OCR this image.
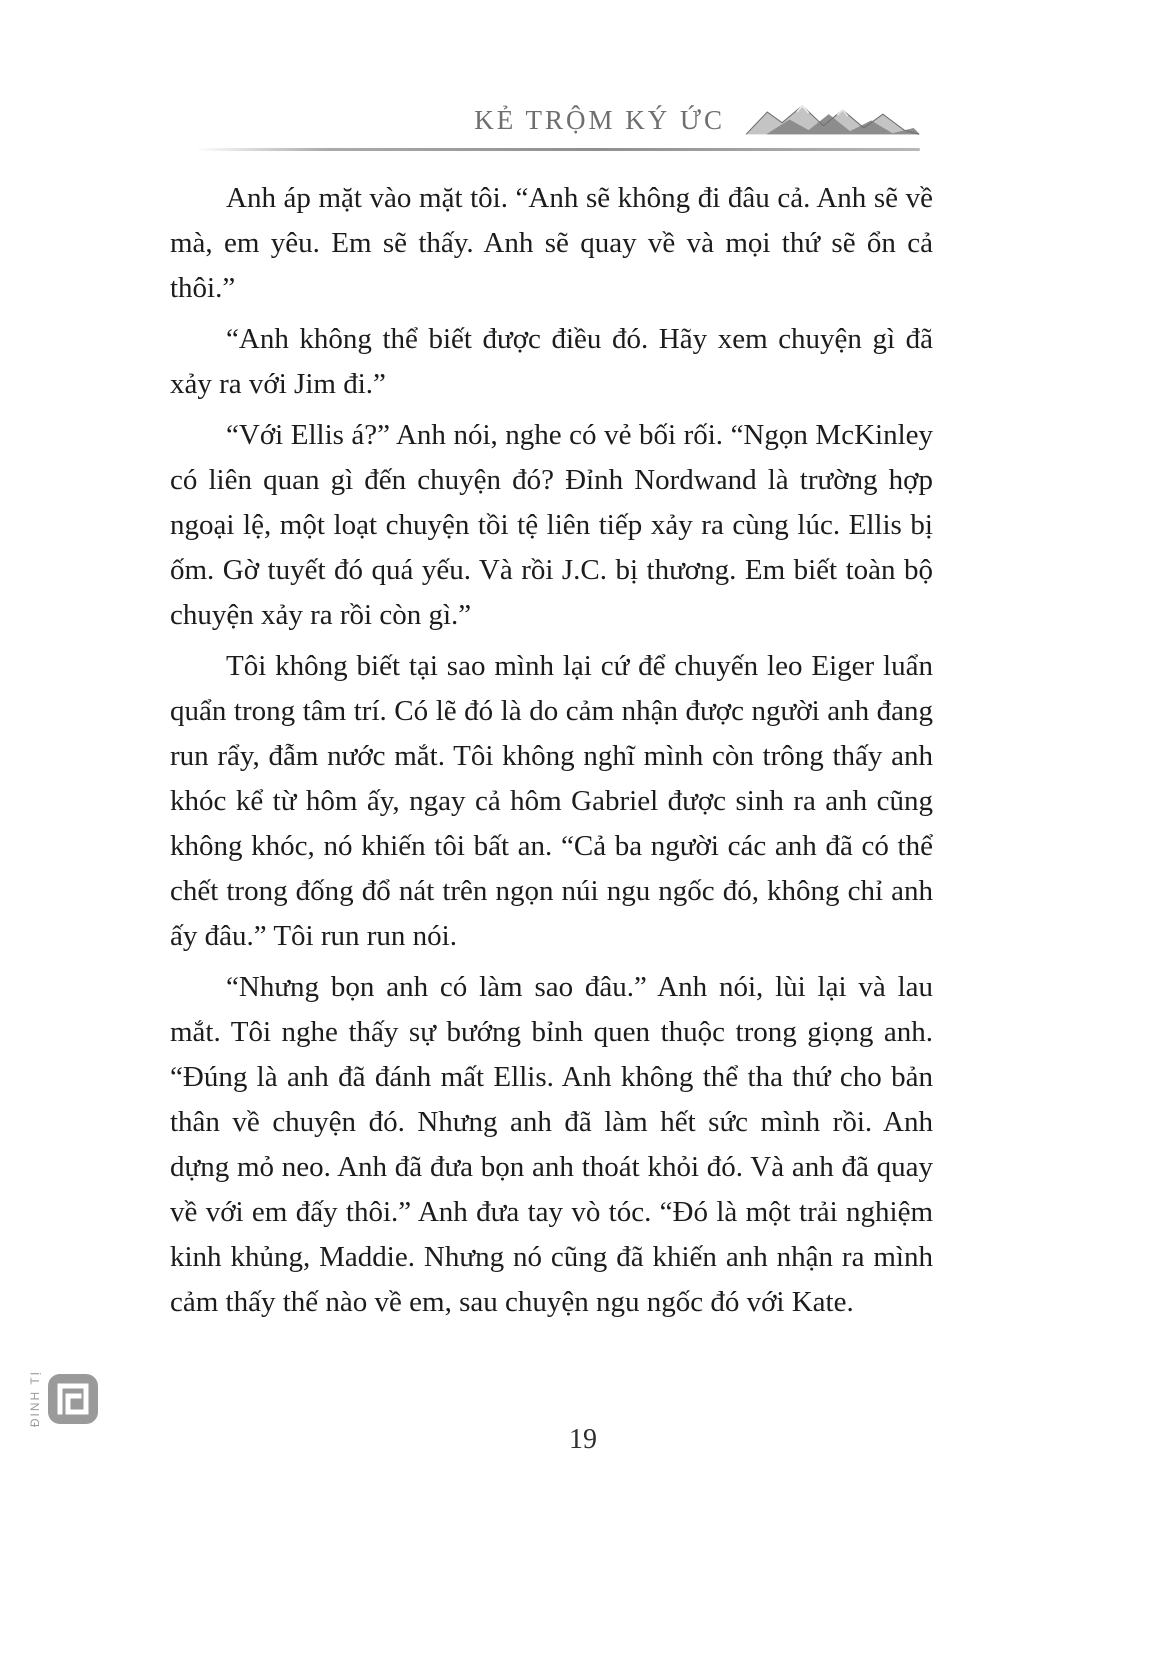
KẺ TRỘM KÝ ỨC

Anh áp mặt vào mặt tôi. “Anh sẽ không đi đâu cả. Anh sẽ về mà, em yêu. Em sẽ thấy. Anh sẽ quay về và mọi thứ sẽ ổn cả thôi.”

“Anh không thể biết được điều đó. Hãy xem chuyện gì đã xảy ra với Jim đi.”

“Với Ellis á?” Anh nói, nghe có vẻ bối rối. “Ngọn McKinley có liên quan gì đến chuyện đó? Đỉnh Nordwand là trường hợp ngoại lệ, một loạt chuyện tồi tệ liên tiếp xảy ra cùng lúc. Ellis bị ốm. Gờ tuyết đó quá yếu. Và rồi J.C. bị thương. Em biết toàn bộ chuyện xảy ra rồi còn gì.”

Tôi không biết tại sao mình lại cứ để chuyến leo Eiger luẩn quẩn trong tâm trí. Có lẽ đó là do cảm nhận được người anh đang run rẩy, đẫm nước mắt. Tôi không nghĩ mình còn trông thấy anh khóc kể từ hôm ấy, ngay cả hôm Gabriel được sinh ra anh cũng không khóc, nó khiến tôi bất an. “Cả ba người các anh đã có thể chết trong đống đổ nát trên ngọn núi ngu ngốc đó, không chỉ anh ấy đâu.” Tôi run run nói.

“Nhưng bọn anh có làm sao đâu.” Anh nói, lùi lại và lau mắt. Tôi nghe thấy sự bướng bỉnh quen thuộc trong giọng anh. “Đúng là anh đã đánh mất Ellis. Anh không thể tha thứ cho bản thân về chuyện đó. Nhưng anh đã làm hết sức mình rồi. Anh dựng mỏ neo. Anh đã đưa bọn anh thoát khỏi đó. Và anh đã quay về với em đấy thôi.” Anh đưa tay vò tóc. “Đó là một trải nghiệm kinh khủng, Maddie. Nhưng nó cũng đã khiến anh nhận ra mình cảm thấy thế nào về em, sau chuyện ngu ngốc đó với Kate.

ĐINH TỊ
19
